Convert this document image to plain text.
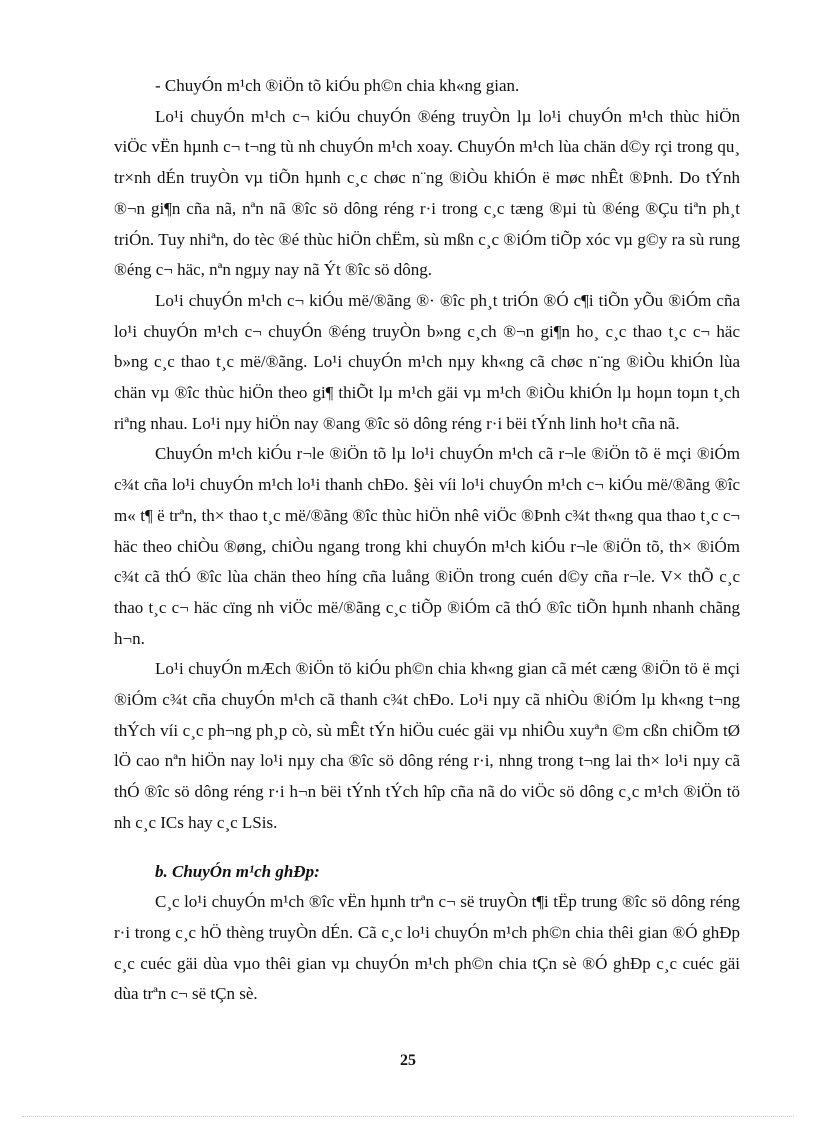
- ChuyÓn m¹ch ®iÖn tõ kiÓu ph©n chia kh«ng gian.

Lo¹i chuyÓn m¹ch c¬ kiÓu chuyÓn ®éng truyÒn lµ lo¹i chuyÓn m¹ch thùc hiÖn viÖc vËn hµnh c¬ t¬ng tù nh chuyÓn m¹ch xoay. ChuyÓn m¹ch lùa chän d©y rçi trong qu¸ tr×nh dÉn truyÒn vµ tiÕn hµnh c¸c chøc n¨ng ®iÒu khiÓn ë møc nhÊt ®Þnh. Do tÝnh ®¬n gi¶n cña nã, nªn nã ®îc sö dông réng r·i trong c¸c tæng ®µi tù ®éng ®Çu tiªn ph¸t triÓn. Tuy nhiªn, do tèc ®é thùc hiÖn chËm, sù mßn c¸c ®iÓm tiÕp xóc vµ g©y ra sù rung ®éng c¬ häc, nªn ngµy nay nã Ýt ®îc sö dông.

Lo¹i chuyÓn m¹ch c¬ kiÓu më/®ãng ®· ®îc ph¸t triÓn ®Ó c¶i tiÕn yÕu ®iÓm cña lo¹i chuyÓn m¹ch c¬ chuyÓn ®éng truyÒn b»ng c¸ch ®¬n gi¶n ho¸ c¸c thao t¸c c¬ häc b»ng c¸c thao t¸c më/®ãng. Lo¹i chuyÓn m¹ch nµy kh«ng cã chøc n¨ng ®iÒu khiÓn lùa chän vµ ®îc thùc hiÖn theo gi¶ thiÕt lµ m¹ch gäi vµ m¹ch ®iÒu khiÓn lµ hoµn toµn t¸ch riªng nhau. Lo¹i nµy hiÖn nay ®ang ®îc sö dông réng r·i bëi tÝnh linh ho¹t cña nã.

ChuyÓn m¹ch kiÓu r¬le ®iÖn tõ lµ lo¹i chuyÓn m¹ch cã r¬le ®iÖn tõ ë mçi ®iÓm c¾t cña lo¹i chuyÓn m¹ch lo¹i thanh chÐo. §èi víi lo¹i chuyÓn m¹ch c¬ kiÓu më/®ãng ®îc m« t¶ ë trªn, th× thao t¸c më/®ãng ®îc thùc hiÖn nhê viÖc ®Þnh c¾t th«ng qua thao t¸c c¬ häc theo chiÒu ®øng, chiÒu ngang trong khi chuyÓn m¹ch kiÓu r¬le ®iÖn tõ, th× ®iÓm c¾t cã thÓ ®îc lùa chän theo híng cña luång ®iÖn trong cuén d©y cña r¬le. V× thÕ c¸c thao t¸c c¬ häc cïng nh viÖc më/®ãng c¸c tiÕp ®iÓm cã thÓ ®îc tiÕn hµnh nhanh chãng h¬n.

Lo¹i chuyÓn mÆch ®iÖn tö kiÓu ph©n chia kh«ng gian cã mét cæng ®iÖn tö ë mçi ®iÓm c¾t cña chuyÓn m¹ch cã thanh c¾t chÐo. Lo¹i nµy cã nhiÒu ®iÓm lµ kh«ng t¬ng thÝch víi c¸c ph¬ng ph¸p cò, sù mÊt tÝn hiÖu cuéc gäi vµ nhiÔu xuyªn ©m cßn chiÕm tØ lÖ cao nªn hiÖn nay lo¹i nµy cha ®îc sö dông réng r·i, nhng trong t¬ng lai th× lo¹i nµy cã thÓ ®îc sö dông réng r·i h¬n bëi tÝnh tÝch hîp cña nã do viÖc sö dông c¸c m¹ch ®iÖn tö nh c¸c ICs hay c¸c LSis.

b. ChuyÓn m¹ch ghÐp:

C¸c lo¹i chuyÓn m¹ch ®îc vËn hµnh trªn c¬ së truyÒn t¶i tËp trung ®îc sö dông réng r·i trong c¸c hÖ thèng truyÒn dÉn. Cã c¸c lo¹i chuyÓn m¹ch ph©n chia thêi gian ®Ó ghÐp c¸c cuéc gäi dùa vµo thêi gian vµ chuyÓn m¹ch ph©n chia tÇn sè ®Ó ghÐp c¸c cuéc gäi dùa trªn c¬ së tÇn sè.

25
